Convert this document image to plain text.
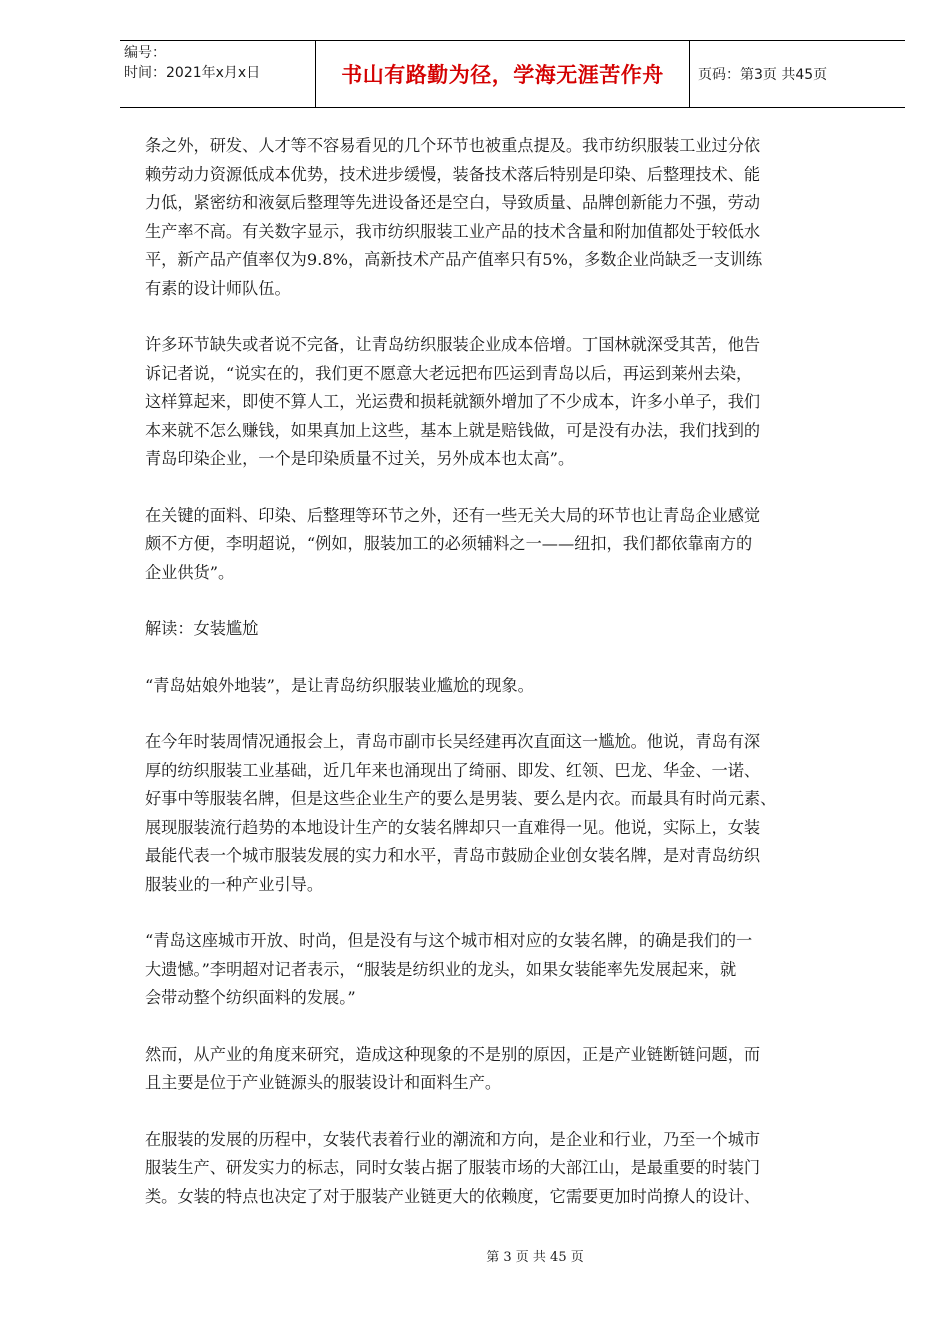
编号：
时间：2021年x月x日	书山有路勤为径，学海无涯苦作舟	页码：第3页 共45页

条之外，研发、人才等不容易看见的几个环节也被重点提及。我市纺织服装工业过分依
赖劳动力资源低成本优势，技术进步缓慢，装备技术落后特别是印染、后整理技术、能
力低，紧密纺和液氨后整理等先进设备还是空白，导致质量、品牌创新能力不强，劳动
生产率不高。有关数字显示，我市纺织服装工业产品的技术含量和附加值都处于较低水
平，新产品产值率仅为9.8%，高新技术产品产值率只有5%，多数企业尚缺乏一支训练
有素的设计师队伍。

许多环节缺失或者说不完备，让青岛纺织服装企业成本倍增。丁国林就深受其苦，他告
诉记者说，“说实在的，我们更不愿意大老远把布匹运到青岛以后，再运到莱州去染，
这样算起来，即使不算人工，光运费和损耗就额外增加了不少成本，许多小单子，我们
本来就不怎么赚钱，如果真加上这些，基本上就是赔钱做，可是没有办法，我们找到的
青岛印染企业，一个是印染质量不过关，另外成本也太高”。

在关键的面料、印染、后整理等环节之外，还有一些无关大局的环节也让青岛企业感觉
颇不方便，李明超说，“例如，服装加工的必须辅料之一——纽扣，我们都依靠南方的
企业供货”。

解读：女装尴尬

“青岛姑娘外地装”，是让青岛纺织服装业尴尬的现象。

在今年时装周情况通报会上，青岛市副市长吴经建再次直面这一尴尬。他说，青岛有深
厚的纺织服装工业基础，近几年来也涌现出了绮丽、即发、红领、巴龙、华金、一诺、
好事中等服装名牌，但是这些企业生产的要么是男装、要么是内衣。而最具有时尚元素、
展现服装流行趋势的本地设计生产的女装名牌却只一直难得一见。他说，实际上，女装
最能代表一个城市服装发展的实力和水平，青岛市鼓励企业创女装名牌，是对青岛纺织
服装业的一种产业引导。

“青岛这座城市开放、时尚，但是没有与这个城市相对应的女装名牌，的确是我们的一
大遗憾。”李明超对记者表示，“服装是纺织业的龙头，如果女装能率先发展起来，就
会带动整个纺织面料的发展。”

然而，从产业的角度来研究，造成这种现象的不是别的原因，正是产业链断链问题，而
且主要是位于产业链源头的服装设计和面料生产。

在服装的发展的历程中，女装代表着行业的潮流和方向，是企业和行业，乃至一个城市
服装生产、研发实力的标志，同时女装占据了服装市场的大部江山，是最重要的时装门
类。女装的特点也决定了对于服装产业链更大的依赖度，它需要更加时尚撩人的设计、

第 3 页 共 45 页
